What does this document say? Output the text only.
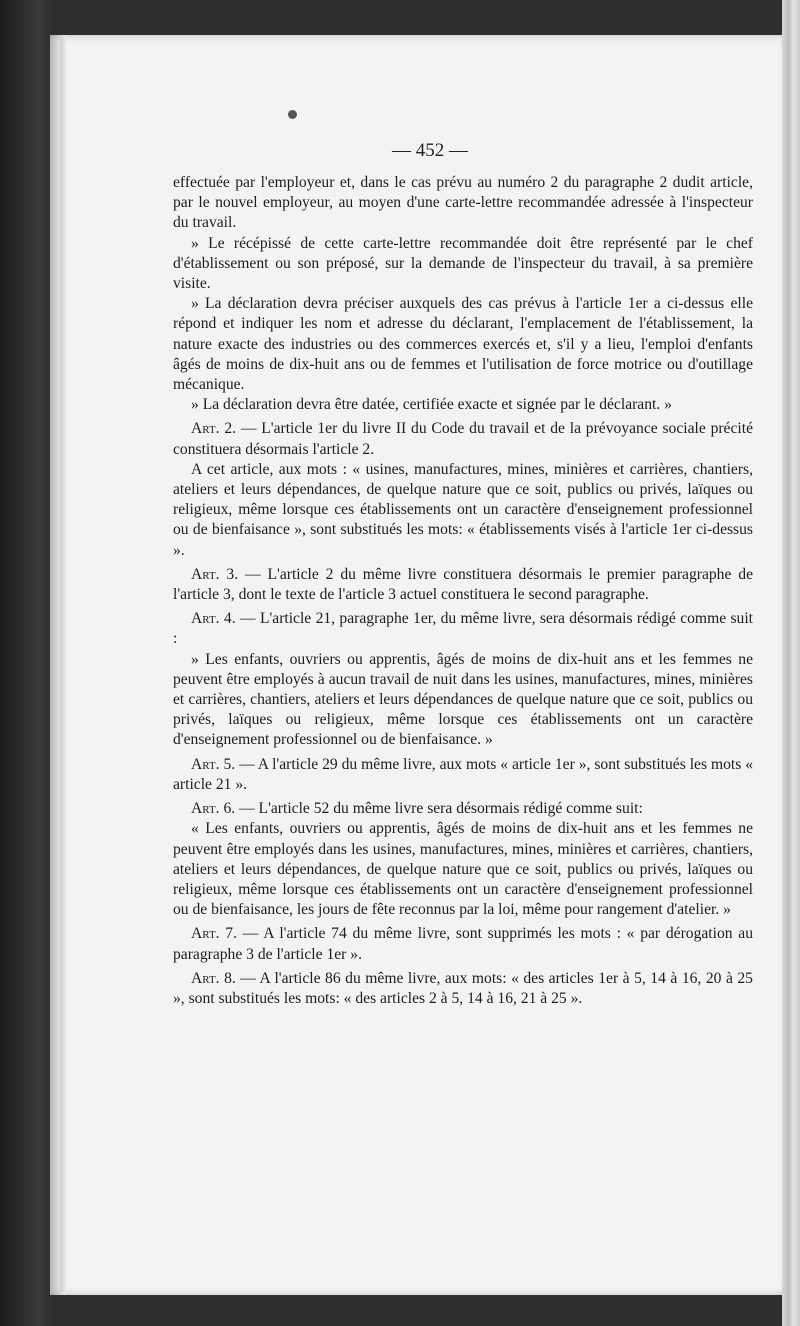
— 452 —

effectuée par l'employeur et, dans le cas prévu au numéro 2 du paragraphe 2 dudit article, par le nouvel employeur, au moyen d'une carte-lettre recommandée adressée à l'inspecteur du travail.

» Le récépissé de cette carte-lettre recommandée doit être représenté par le chef d'établissement ou son préposé, sur la demande de l'inspecteur du travail, à sa première visite.

» La déclaration devra préciser auxquels des cas prévus à l'article 1er a ci-dessus elle répond et indiquer les nom et adresse du déclarant, l'emplacement de l'établissement, la nature exacte des industries ou des commerces exercés et, s'il y a lieu, l'emploi d'enfants âgés de moins de dix-huit ans ou de femmes et l'utilisation de force motrice ou d'outillage mécanique.

» La déclaration devra être datée, certifiée exacte et signée par le déclarant. »

Art. 2. — L'article 1er du livre II du Code du travail et de la prévoyance sociale précité constituera désormais l'article 2.

A cet article, aux mots : « usines, manufactures, mines, minières et carrières, chantiers, ateliers et leurs dépendances, de quelque nature que ce soit, publics ou privés, laïques ou religieux, même lorsque ces établissements ont un caractère d'enseignement professionnel ou de bienfaisance », sont substitués les mots: « établissements visés à l'article 1er ci-dessus ».

Art. 3. — L'article 2 du même livre constituera désormais le premier paragraphe de l'article 3, dont le texte de l'article 3 actuel constituera le second paragraphe.

Art. 4. — L'article 21, paragraphe 1er, du même livre, sera désormais rédigé comme suit :

» Les enfants, ouvriers ou apprentis, âgés de moins de dix-huit ans et les femmes ne peuvent être employés à aucun travail de nuit dans les usines, manufactures, mines, minières et carrières, chantiers, ateliers et leurs dépendances de quelque nature que ce soit, publics ou privés, laïques ou religieux, même lorsque ces établissements ont un caractère d'enseignement professionnel ou de bienfaisance. »

Art. 5. — A l'article 29 du même livre, aux mots « article 1er », sont substitués les mots « article 21 ».

Art. 6. — L'article 52 du même livre sera désormais rédigé comme suit:

« Les enfants, ouvriers ou apprentis, âgés de moins de dix-huit ans et les femmes ne peuvent être employés dans les usines, manufactures, mines, minières et carrières, chantiers, ateliers et leurs dépendances, de quelque nature que ce soit, publics ou privés, laïques ou religieux, même lorsque ces établissements ont un caractère d'enseignement professionnel ou de bienfaisance, les jours de fête reconnus par la loi, même pour rangement d'atelier. »

Art. 7. — A l'article 74 du même livre, sont supprimés les mots : « par dérogation au paragraphe 3 de l'article 1er ».

Art. 8. — A l'article 86 du même livre, aux mots: « des articles 1er à 5, 14 à 16, 20 à 25 », sont substitués les mots: « des articles 2 à 5, 14 à 16, 21 à 25 ».
